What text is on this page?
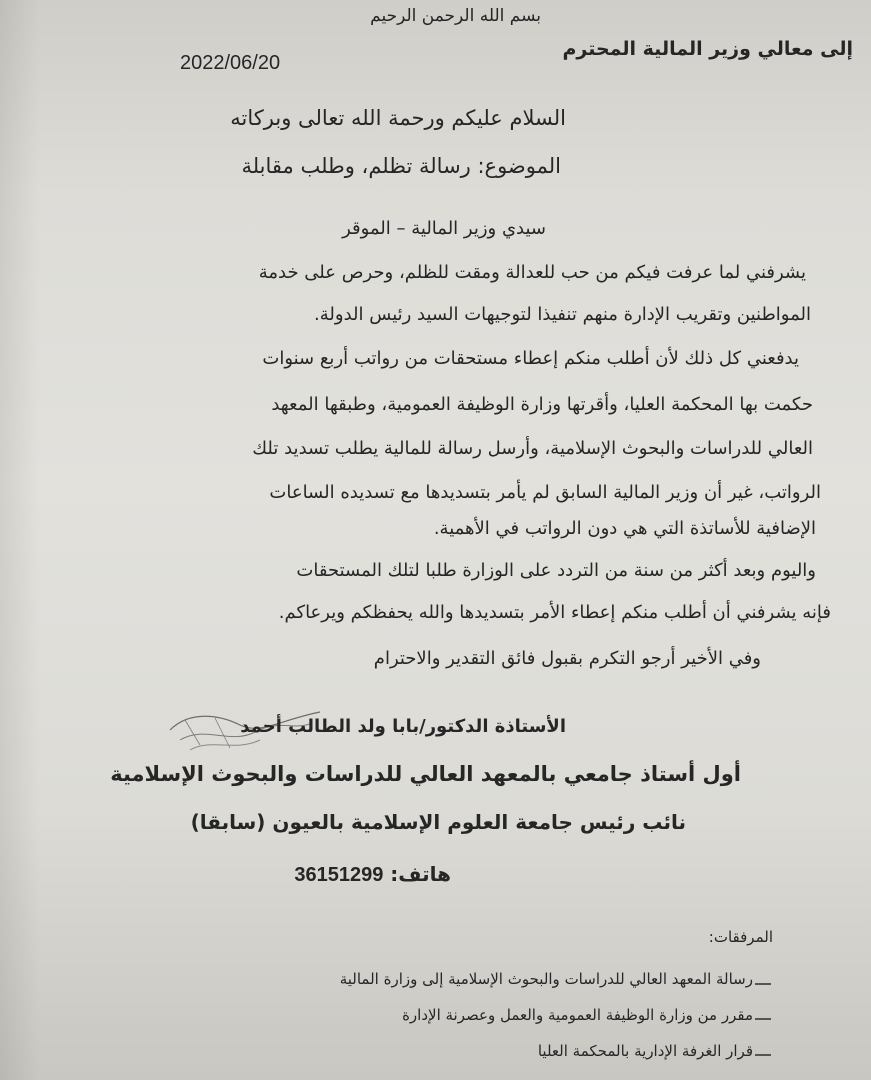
بسم الله الرحمن الرحيم
إلى معالي وزير المالية المحترم
2022/06/20
السلام عليكم ورحمة الله تعالى وبركاته
الموضوع: رسالة تظلم، وطلب مقابلة
سيدي وزير المالية – الموقر
يشرفني لما عرفت فيكم من حب للعدالة ومقت للظلم، وحرص على خدمة
المواطنين وتقريب الإدارة منهم تنفيذا لتوجيهات السيد رئيس الدولة.
يدفعني كل ذلك لأن أطلب منكم إعطاء مستحقات من رواتب أربع سنوات
حكمت بها المحكمة العليا، وأقرتها وزارة الوظيفة العمومية، وطبقها المعهد
العالي للدراسات والبحوث الإسلامية، وأرسل رسالة للمالية يطلب تسديد تلك
الرواتب، غير أن وزير المالية السابق لم يأمر بتسديدها مع تسديده الساعات
الإضافية للأساتذة التي هي دون الرواتب في الأهمية.
واليوم وبعد أكثر من سنة من التردد على الوزارة طلبا لتلك المستحقات
فإنه يشرفني أن أطلب منكم إعطاء الأمر بتسديدها والله يحفظكم ويرعاكم.
وفي الأخير أرجو التكرم بقبول فائق التقدير والاحترام
الأستاذة الدكتور/بابا ولد الطالب أحمد
أول أستاذ جامعي بالمعهد العالي للدراسات والبحوث الإسلامية
نائب رئيس جامعة العلوم الإسلامية بالعيون (سابقا)
هاتف: 36151299
المرفقات:
رسالة المعهد العالي للدراسات والبحوث الإسلامية إلى وزارة المالية
مقرر من وزارة الوظيفة العمومية والعمل وعصرنة الإدارة
قرار الغرفة الإدارية بالمحكمة العليا
